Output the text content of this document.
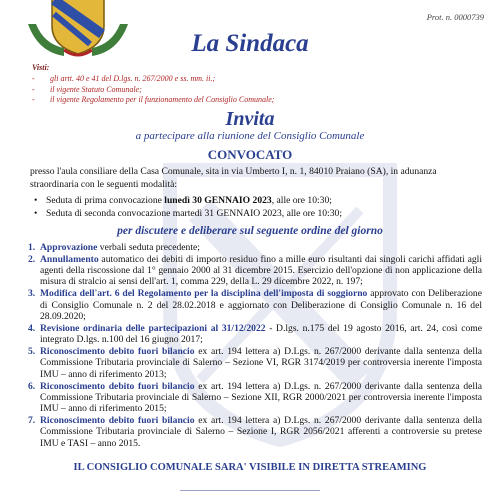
Prot. n. 0000739
La Sindaca
Visti:
- gli artt. 40 e 41 del D.lgs. n. 267/2000 e ss. mm. ii.;
- il vigente Statuto Comunale;
- il vigente Regolamento per il funzionamento del Consiglio Comunale;
Invita
a partecipare alla riunione del Consiglio Comunale
CONVOCATO
presso l'aula consiliare della Casa Comunale, sita in via Umberto I, n. 1, 84010 Praiano (SA), in adunanza straordinaria con le seguenti modalità:
• Seduta di prima convocazione lunedì 30 GENNAIO 2023, alle ore 10:30;
• Seduta di seconda convocazione martedì 31 GENNAIO 2023, alle ore 10:30;
per discutere e deliberare sul seguente ordine del giorno
1. Approvazione verbali seduta precedente;
2. Annullamento automatico dei debiti di importo residuo fino a mille euro risultanti dai singoli carichi affidati agli agenti della riscossione dal 1° gennaio 2000 al 31 dicembre 2015. Esercizio dell'opzione di non applicazione della misura di stralcio ai sensi dell'art. 1, comma 229, della L. 29 dicembre 2022, n. 197;
3. Modifica dell'art. 6 del Regolamento per la disciplina dell'imposta di soggiorno approvato con Deliberazione di Consiglio Comunale n. 2 del 28.02.2018 e aggiornato con Deliberazione di Consiglio Comunale n. 16 del 28.09.2020;
4. Revisione ordinaria delle partecipazioni al 31/12/2022 - D.lgs. n.175 del 19 agosto 2016, art. 24, così come integrato D.lgs. n.100 del 16 giugno 2017;
5. Riconoscimento debito fuori bilancio ex art. 194 lettera a) D.Lgs. n. 267/2000 derivante dalla sentenza della Commissione Tributaria provinciale di Salerno – Sezione VI, RGR 3174/2019 per controversia inerente l'imposta IMU – anno di riferimento 2013;
6. Riconoscimento debito fuori bilancio ex art. 194 lettera a) D.Lgs. n. 267/2000 derivante dalla sentenza della Commissione Tributaria provinciale di Salerno – Sezione XII, RGR 2000/2021 per controversia inerente l'imposta IMU – anno di riferimento 2015;
7. Riconoscimento debito fuori bilancio ex art. 194 lettera a) D.Lgs. n. 267/2000 derivante dalla sentenza della Commissione Tributaria provinciale di Salerno – Sezione I, RGR 2056/2021 afferenti a controversie su pretese IMU e TASI – anno 2015.
IL CONSIGLIO COMUNALE SARA' VISIBILE IN DIRETTA STREAMING
